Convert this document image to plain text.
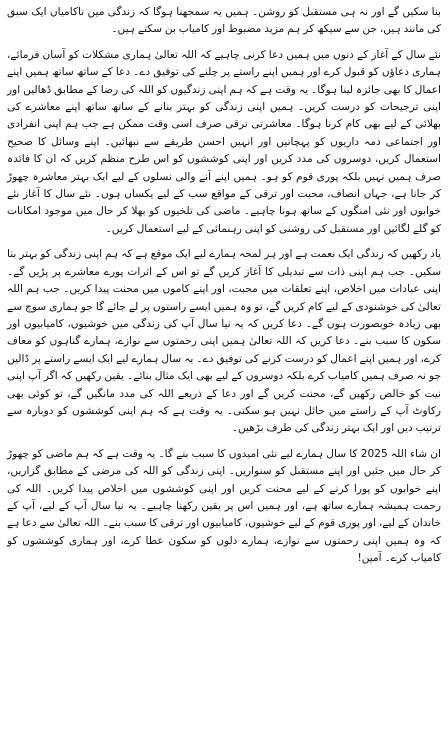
بنا سکیں گے اور نہ ہی مستقبل کو روشن۔ ہمیں یہ سمجھنا ہوگا کہ زندگی میں ناکامیاں ایک سبق کی مانند ہیں، جن سے سیکھ کر ہم مزید مضبوط اور کامیاب بن سکتے ہیں۔

نئے سال کے آغاز کے دنوں میں ہمیں دعا کرنی چاہیے کہ اللہ تعالیٰ ہماری مشکلات کو آسان فرمائے، ہماری دعاؤں کو قبول کرے اور ہمیں اپنے راستے پر چلنے کی توفیق دے۔ دعا کے ساتھ ساتھ ہمیں اپنے اعمال کا بھی جائزہ لینا ہوگا۔ یہ وقت ہے کہ ہم اپنی زندگیوں کو اللہ کی رضا کے مطابق ڈھالیں اور اپنی ترجیحات کو درست کریں۔ ہمیں اپنی زندگی کو بہتر بنانے کے ساتھ ساتھ اپنے معاشرے کی بھلائی کے لیے بھی کام کرنا ہوگا۔ معاشرتی ترقی صرف اسی وقت ممکن ہے جب ہم اپنی انفرادی اور اجتماعی ذمہ داریوں کو پہچانیں اور انہیں احسن طریقے سے نبھائیں۔ اپنے وسائل کا صحیح استعمال کریں، دوسروں کی مدد کریں اور اپنی کوششوں کو اس طرح منظم کریں کہ ان کا فائدہ صرف ہمیں نہیں بلکہ پوری قوم کو ہو۔ ہمیں اپنے آنے والی نسلوں کے لیے ایک بہتر معاشرہ چھوڑ کر جانا ہے، جہاں انصاف، محبت اور ترقی کے مواقع سب کے لیے یکساں ہوں۔ نئے سال کا آغاز نئے خوابوں اور نئی امنگوں کے ساتھ ہونا چاہیے۔ ماضی کی تلخیوں کو بھلا کر حال میں موجود امکانات کو گلے لگائیں اور مستقبل کی روشنی کو اپنی رہنمائی کے لیے استعمال کریں۔

یاد رکھیں کہ زندگی ایک نعمت ہے اور ہر لمحہ ہمارے لیے ایک موقع ہے کہ ہم اپنی زندگی کو بہتر بنا سکیں۔ جب ہم اپنی ذات سے تبدیلی کا آغاز کریں گے تو اس کے اثرات پورے معاشرے پر پڑیں گے۔ اپنی عبادات میں اخلاص، اپنے تعلقات میں محبت، اور اپنے کاموں میں محنت پیدا کریں۔ جب ہم اللہ تعالیٰ کی خوشنودی کے لیے کام کریں گے، تو وہ ہمیں ایسے راستوں پر لے جائے گا جو ہماری سوچ سے بھی زیادہ خوبصورت ہوں گے۔ دعا کریں کہ یہ نیا سال آپ کی زندگی میں خوشیوں، کامیابیوں اور سکون کا سبب بنے۔ دعا کریں کہ اللہ تعالیٰ ہمیں اپنی رحمتوں سے نوازے، ہمارے گناہوں کو معاف کرے، اور ہمیں اپنے اعمال کو درست کرنے کی توفیق دے۔ یہ سال ہمارے لیے ایک ایسے راستے پر ڈالیں جو نہ صرف ہمیں کامیاب کرے بلکہ دوسروں کے لیے بھی ایک مثال بنائے۔ یقین رکھیں کہ اگر آپ اپنی نیت کو خالص رکھیں گے، محنت کریں گے اور دعا کے ذریعے اللہ کی مدد مانگیں گے، تو کوئی بھی رکاوٹ آپ کے راستے میں حائل نہیں ہو سکتی۔ یہ وقت ہے کہ ہم اپنی کوششوں کو دوبارہ سے ترتیب دیں اور ایک بہتر زندگی کی طرف بڑھیں۔

ان شاء اللہ 2025 کا سال ہمارے لیے نئی امیدوں کا سبب بنے گا۔ یہ وقت ہے کہ ہم ماضی کو چھوڑ کر حال میں جئیں اور اپنے مستقبل کو سنواریں۔ اپنی زندگی کو اللہ کی مرضی کے مطابق گزاریں، اپنے خوابوں کو پورا کرنے کے لیے محنت کریں اور اپنی کوششوں میں اخلاص پیدا کریں۔ اللہ کی رحمت ہمیشہ ہمارے ساتھ ہے، اور ہمیں اس پر یقین رکھنا چاہیے۔ یہ نیا سال آپ کے لیے، آپ کے خاندان کے لیے، اور پوری قوم کے لیے خوشیوں، کامیابیوں اور ترقی کا سبب بنے۔ اللہ تعالیٰ سے دعا ہے کہ وہ ہمیں اپنی رحمتوں سے نوازے، ہمارے دلوں کو سکون عطا کرے، اور ہماری کوششوں کو کامیاب کرے۔ آمین!
